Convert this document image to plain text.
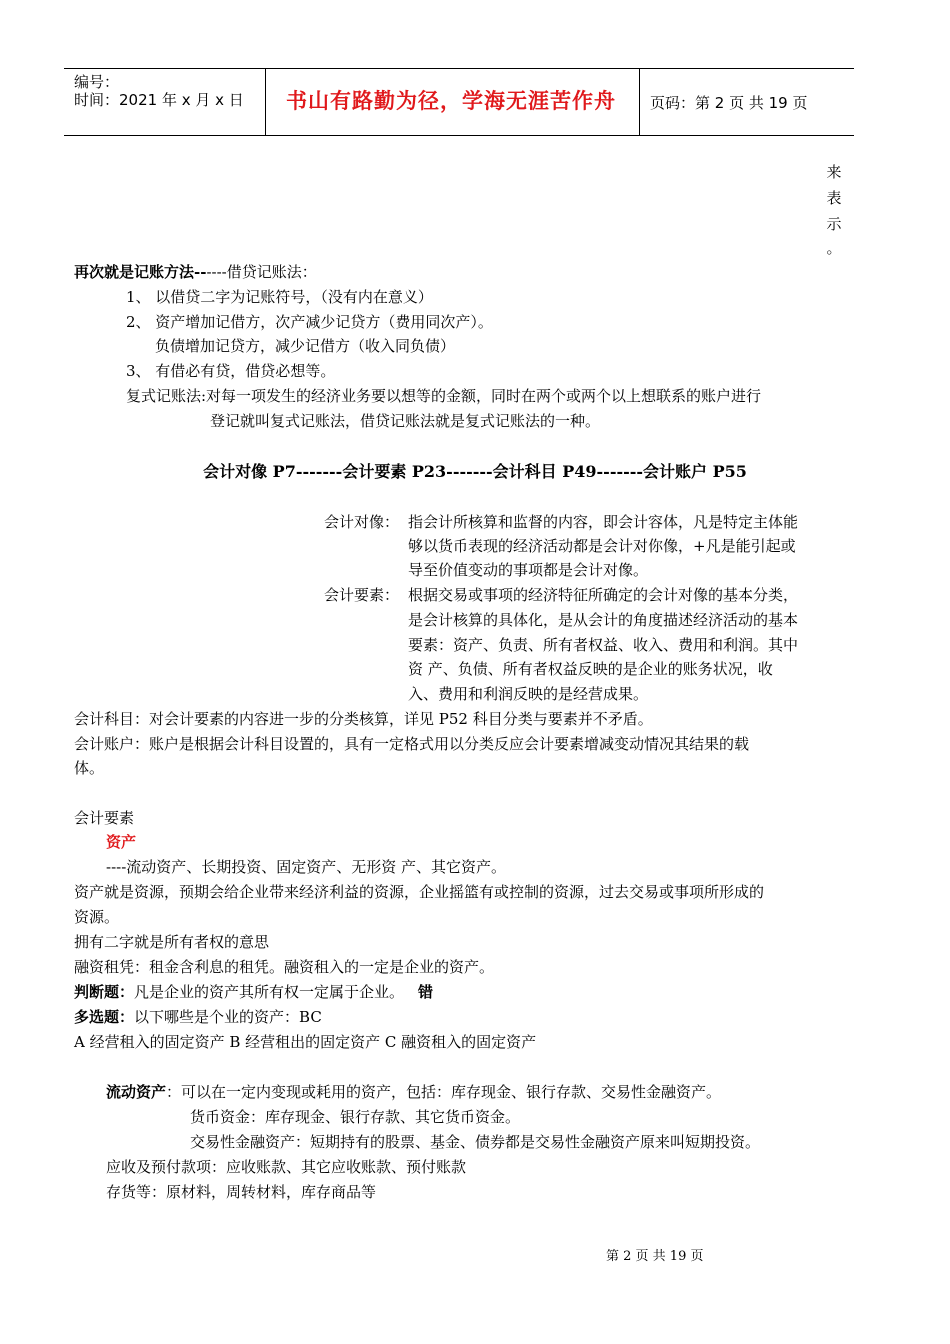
编号：
时间：2021 年 x 月 x 日 书山有路勤为径，学海无涯苦作舟 页码：第 2 页 共 19 页
来
表
示
。
再次就是记账方法------借贷记账法：
1、 以借贷二字为记账符号，（没有内在意义）
2、 资产增加记借方，次产减少记贷方（费用同次产）。
负债增加记贷方，减少记借方（收入同负债）
3、 有借必有贷，借贷必想等。
复式记账法:对每一项发生的经济业务要以想等的金额，同时在两个或两个以上想联系的账户进行
登记就叫复式记账法，借贷记账法就是复式记账法的一种。
会计对像 P7-------会计要素 P23-------会计科目 P49-------会计账户 P55
会计对像： 指会计所核算和监督的内容，即会计容体，凡是特定主体能
够以货币表现的经济活动都是会计对你像，+凡是能引起或
导至价值变动的事项都是会计对像。
会计要素： 根据交易或事项的经济特征所确定的会计对像的基本分类，
是会计核算的具体化，是从会计的角度描述经济活动的基本
要素：资产、负责、所有者权益、收入、费用和利润。其中
资 产、负债、所有者权益反映的是企业的账务状况，收
入、费用和利润反映的是经营成果。
会计科目：对会计要素的内容进一步的分类核算，详见 P52 科目分类与要素并不矛盾。
会计账户：账户是根据会计科目设置的，具有一定格式用以分类反应会计要素增减变动情况其结果的载
体。
会计要素
资产
----流动资产、长期投资、固定资产、无形资 产、其它资产。
资产就是资源，预期会给企业带来经济利益的资源，企业摇篮有或控制的资源，过去交易或事项所形成的
资源。
拥有二字就是所有者权的意思
融资租凭：租金含利息的租凭。融资租入的一定是企业的资产。
判断题：凡是企业的资产其所有权一定属于企业。 错
多选题：以下哪些是个业的资产：BC
A 经营租入的固定资产 B 经营租出的固定资产 C 融资租入的固定资产
流动资产：可以在一定内变现或耗用的资产，包括：库存现金、银行存款、交易性金融资产。
货币资金：库存现金、银行存款、其它货币资金。
交易性金融资产：短期持有的股票、基金、债券都是交易性金融资产原来叫短期投资。
应收及预付款项：应收账款、其它应收账款、预付账款
存货等：原材料，周转材料，库存商品等
第 2 页 共 19 页
